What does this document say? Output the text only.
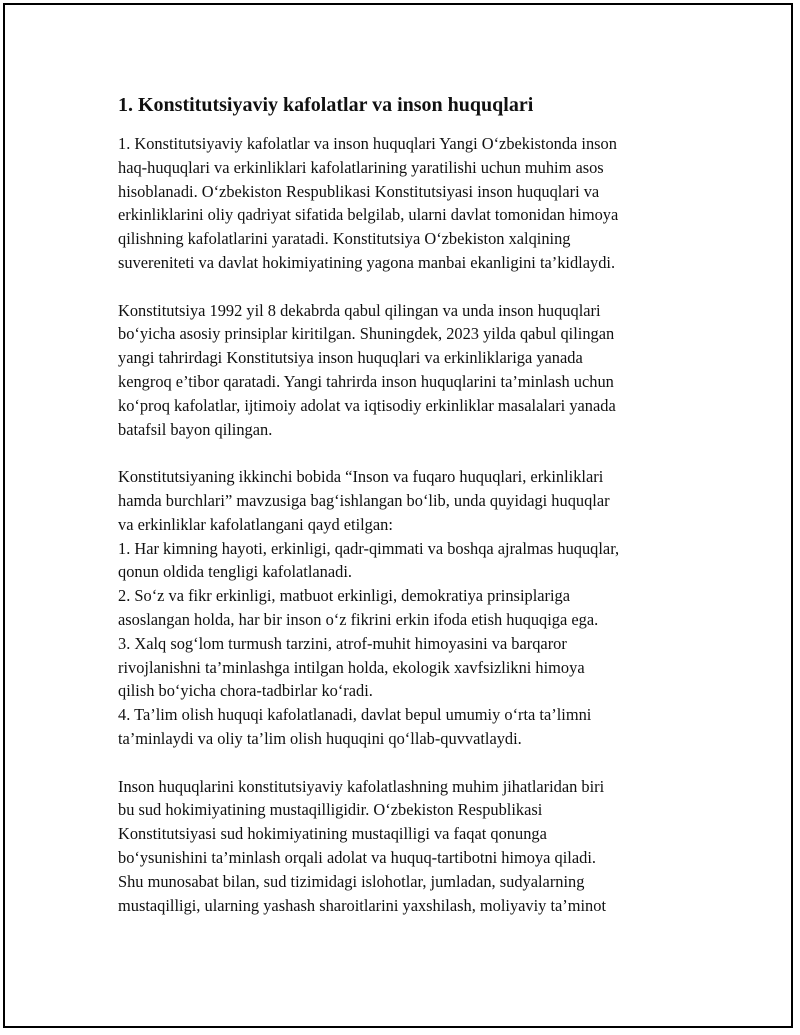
1. Konstitutsiyaviy kafolatlar va inson huquqlari
1. Konstitutsiyaviy kafolatlar va inson huquqlari Yangi O‘zbekistonda inson
haq-huquqlari va erkinliklari kafolatlarining yaratilishi uchun muhim asos
hisoblanadi. O‘zbekiston Respublikasi Konstitutsiyasi inson huquqlari va
erkinliklarini oliy qadriyat sifatida belgilab, ularni davlat tomonidan himoya
qilishning kafolatlarini yaratadi. Konstitutsiya O‘zbekiston xalqining
suvereniteti va davlat hokimiyatining yagona manbai ekanligini ta’kidlaydi.
Konstitutsiya 1992 yil 8 dekabrda qabul qilingan va unda inson huquqlari
bo‘yicha asosiy prinsiplar kiritilgan. Shuningdek, 2023 yilda qabul qilingan
yangi tahrirdagi Konstitutsiya inson huquqlari va erkinliklariga yanada
kengroq e’tibor qaratadi. Yangi tahrirda inson huquqlarini ta’minlash uchun
ko‘proq kafolatlar, ijtimoiy adolat va iqtisodiy erkinliklar masalalari yanada
batafsil bayon qilingan.
Konstitutsiyaning ikkinchi bobida “Inson va fuqaro huquqlari, erkinliklari
hamda burchlari” mavzusiga bag‘ishlangan bo‘lib, unda quyidagi huquqlar
va erkinliklar kafolatlangani qayd etilgan:
1. Har kimning hayoti, erkinligi, qadr-qimmati va boshqa ajralmas huquqlar,
qonun oldida tengligi kafolatlanadi.
2. So‘z va fikr erkinligi, matbuot erkinligi, demokratiya prinsiplariga
asoslangan holda, har bir inson o‘z fikrini erkin ifoda etish huquqiga ega.
3. Xalq sog‘lom turmush tarzini, atrof-muhit himoyasini va barqaror
rivojlanishni ta’minlashga intilgan holda, ekologik xavfsizlikni himoya
qilish bo‘yicha chora-tadbirlar ko‘radi.
4. Ta’lim olish huquqi kafolatlanadi, davlat bepul umumiy o‘rta ta’limni
ta’minlaydi va oliy ta’lim olish huquqini qo‘llab-quvvatlaydi.
Inson huquqlarini konstitutsiyaviy kafolatlashning muhim jihatlaridan biri
bu sud hokimiyatining mustaqilligidir. O‘zbekiston Respublikasi
Konstitutsiyasi sud hokimiyatining mustaqilligi va faqat qonunga
bo‘ysunishini ta’minlash orqali adolat va huquq-tartibotni himoya qiladi.
Shu munosabat bilan, sud tizimidagi islohotlar, jumladan, sudyalarning
mustaqilligi, ularning yashash sharoitlarini yaxshilash, moliyaviy ta’minot
